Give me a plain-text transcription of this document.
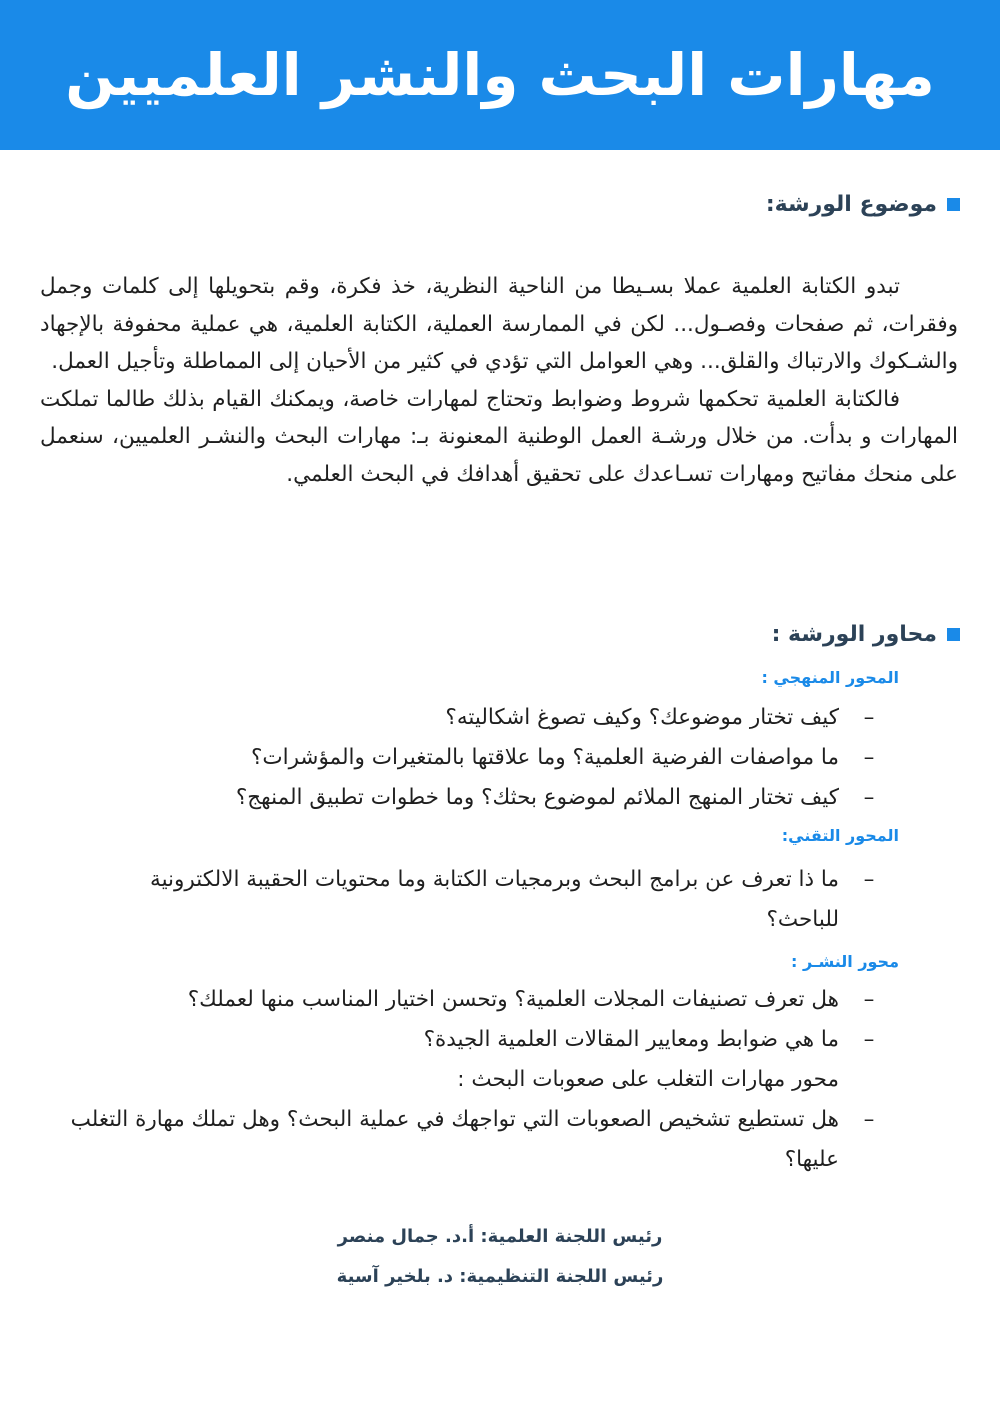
مهارات البحث والنشر العلميين
موضوع الورشة:

تبدو الكتابة العلمية عملا بسـيطا من الناحية النظرية، خذ فكرة، وقم بتحويلها إلى كلمات وجمل وفقرات، ثم صفحات وفصـول... لكن في الممارسة العملية، الكتابة العلمية، هي عملية محفوفة بالإجهاد والشـكوك والارتباك والقلق... وهي العوامل التي تؤدي في كثير من الأحيان إلى المماطلة وتأجيل العمل.

فالكتابة العلمية تحكمها شروط وضوابط وتحتاج لمهارات خاصة، ويمكنك القيام بذلك طالما تملكت المهارات و بدأت. من خلال ورشـة العمل الوطنية المعنونة بـ: مهارات البحث والنشـر العلميين، سنعمل على منحك مفاتيح ومهارات تسـاعدك على تحقيق أهدافك في البحث العلمي.

محاور الورشة :
المحور المنهجي :
–
كيف تختار موضوعك؟ وكيف تصوغ اشكاليته؟
–
ما مواصفات الفرضية العلمية؟ وما علاقتها بالمتغيرات والمؤشرات؟
–
كيف تختار المنهج الملائم لموضوع بحثك؟ وما خطوات تطبيق المنهج؟
المحور التقني:
–
ما ذا تعرف عن برامج البحث وبرمجيات الكتابة وما محتويات الحقيبة الالكترونية للباحث؟
محور النشـر :
–
هل تعرف تصنيفات المجلات العلمية؟ وتحسن اختيار المناسب منها لعملك؟
–
ما هي ضوابط ومعايير المقالات العلمية الجيدة؟
محور مهارات التغلب على صعوبات البحث :
–
هل تستطيع تشخيص الصعوبات التي تواجهك في عملية البحث؟ وهل تملك مهارة التغلب عليها؟
رئيس اللجنة العلمية: أ.د. جمال منصر
رئيس اللجنة التنظيمية: د. بلخير آسية
